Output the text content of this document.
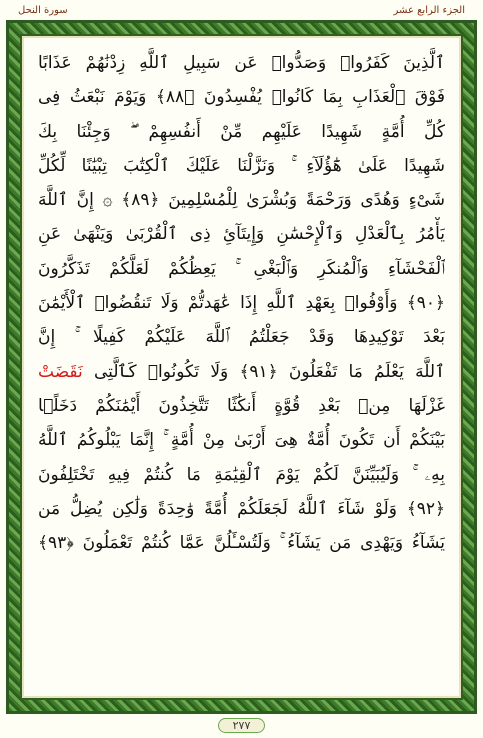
الجزء الرابع عشر
سورة النحل
ٱلَّذِينَ كَفَرُوا۟ وَصَدُّوا۟ عَن سَبِيلِ ٱللَّهِ زِدْنَٰهُمْ عَذَابًا
فَوْقَ ٱلْعَذَابِ بِمَا كَانُوا۟ يُفْسِدُونَ ﴿٨٨﴾ وَيَوْمَ نَبْعَثُ فِى
كُلِّ أُمَّةٍ شَهِيدًا عَلَيْهِم مِّنْ أَنفُسِهِمْ ۖ وَجِئْنَا بِكَ
شَهِيدًا عَلَىٰ هَٰٓؤُلَآءِ ۚ وَنَزَّلْنَا عَلَيْكَ ٱلْكِتَٰبَ تِبْيَٰنًا لِّكُلِّ
شَىْءٍ وَهُدًى وَرَحْمَةً وَبُشْرَىٰ لِلْمُسْلِمِينَ ﴿٨٩﴾ ۞ إِنَّ ٱللَّهَ
يَأْمُرُ بِٱلْعَدْلِ وَٱلْإِحْسَٰنِ وَإِيتَآئِ ذِى ٱلْقُرْبَىٰ وَيَنْهَىٰ عَنِ
ٱلْفَحْشَآءِ وَٱلْمُنكَرِ وَٱلْبَغْىِ ۚ يَعِظُكُمْ لَعَلَّكُمْ تَذَكَّرُونَ
﴿٩٠﴾ وَأَوْفُوا۟ بِعَهْدِ ٱللَّهِ إِذَا عَٰهَدتُّمْ وَلَا تَنقُضُوا۟ ٱلْأَيْمَٰنَ
بَعْدَ تَوْكِيدِهَا وَقَدْ جَعَلْتُمُ ٱللَّهَ عَلَيْكُمْ كَفِيلًا ۚ إِنَّ
ٱللَّهَ يَعْلَمُ مَا تَفْعَلُونَ ﴿٩١﴾ وَلَا تَكُونُوا۟ كَٱلَّتِى نَقَضَتْ
غَزْلَهَا مِنۢ بَعْدِ قُوَّةٍ أَنكَٰثًا تَتَّخِذُونَ أَيْمَٰنَكُمْ دَخَلًۢا
بَيْنَكُمْ أَن تَكُونَ أُمَّةٌ هِىَ أَرْبَىٰ مِنْ أُمَّةٍ ۚ إِنَّمَا يَبْلُوكُمُ ٱللَّهُ
بِهِۦ ۚ وَلَيُبَيِّنَنَّ لَكُمْ يَوْمَ ٱلْقِيَٰمَةِ مَا كُنتُمْ فِيهِ تَخْتَلِفُونَ
﴿٩٢﴾ وَلَوْ شَآءَ ٱللَّهُ لَجَعَلَكُمْ أُمَّةً وَٰحِدَةً وَلَٰكِن يُضِلُّ مَن
يَشَآءُ وَيَهْدِى مَن يَشَآءُ ۚ وَلَتُسْـَٔلُنَّ عَمَّا كُنتُمْ تَعْمَلُونَ ﴿٩٣﴾
٢٧٧
